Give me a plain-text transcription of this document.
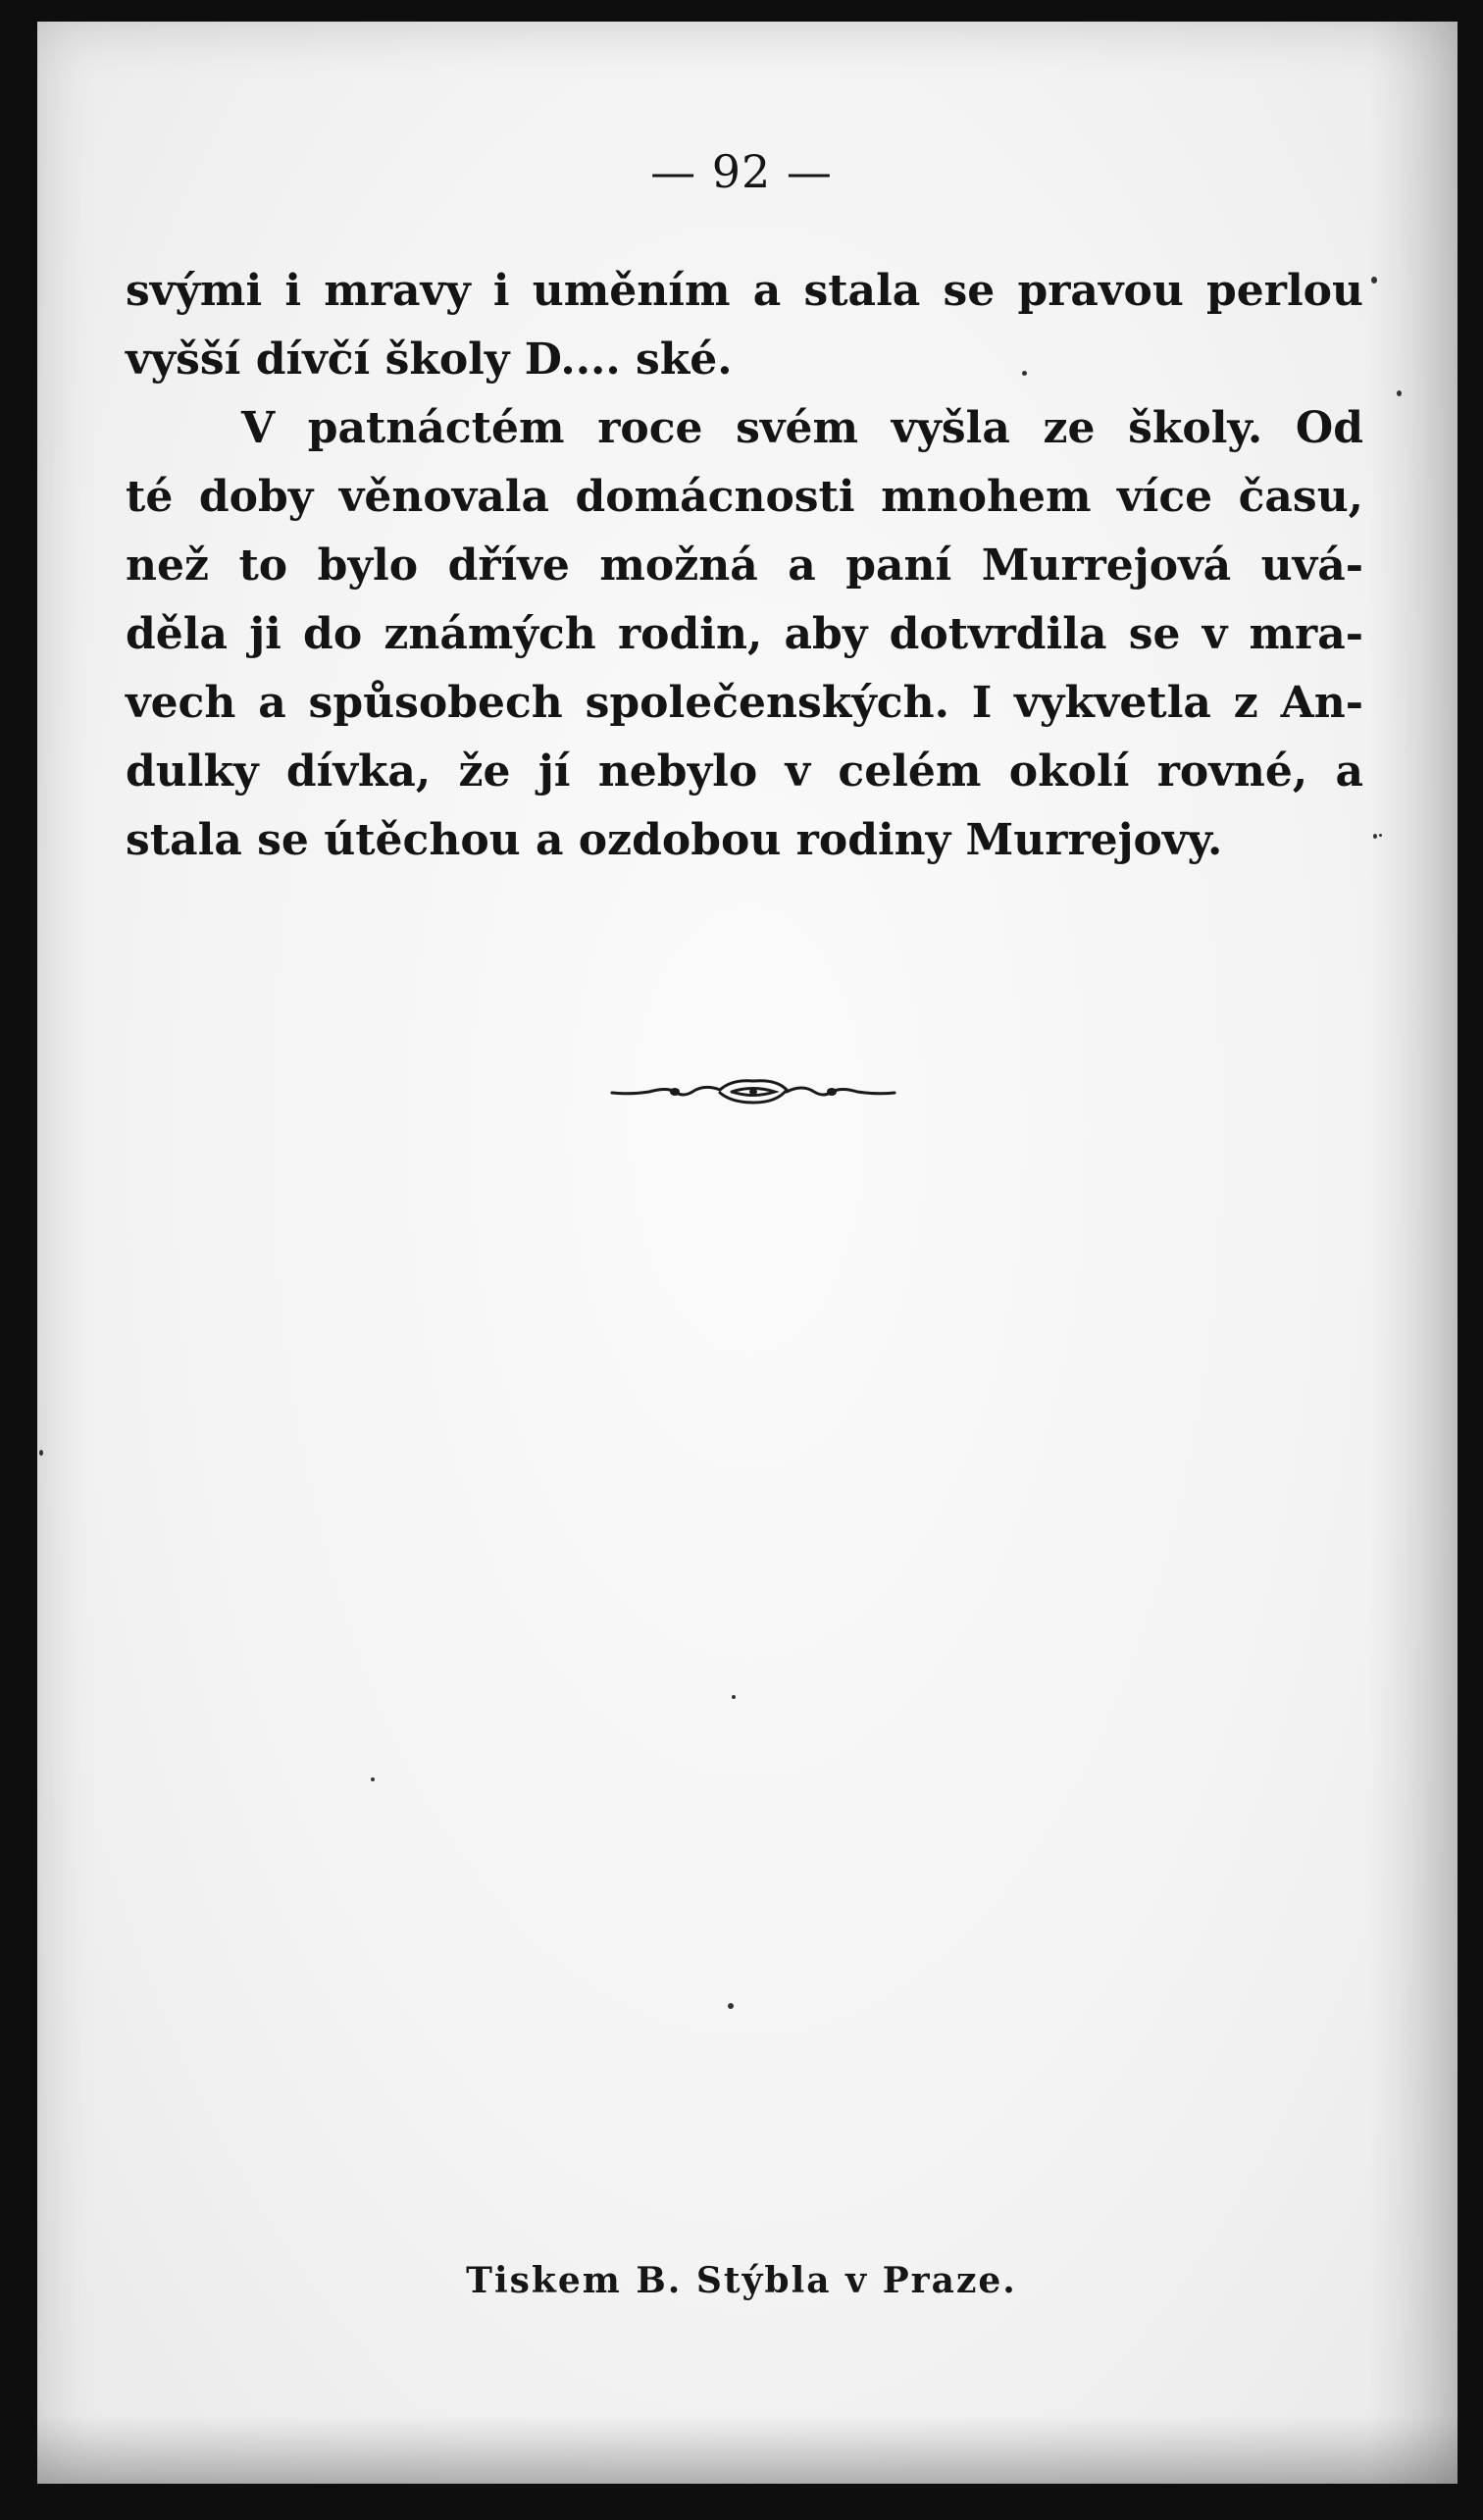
— 92 —
svými i mravy i uměním a stala se pravou perlou
vyšší dívčí školy D.... ské.
V patnáctém roce svém vyšla ze školy. Od
té doby věnovala domácnosti mnohem více času,
než to bylo dříve možná a paní Murrejová uvá-
děla ji do známých rodin, aby dotvrdila se v mra-
vech a spůsobech společenských. I vykvetla z An-
dulky dívka, že jí nebylo v celém okolí rovné, a
stala se útěchou a ozdobou rodiny Murrejovy.
Tiskem B. Stýbla v Praze.
